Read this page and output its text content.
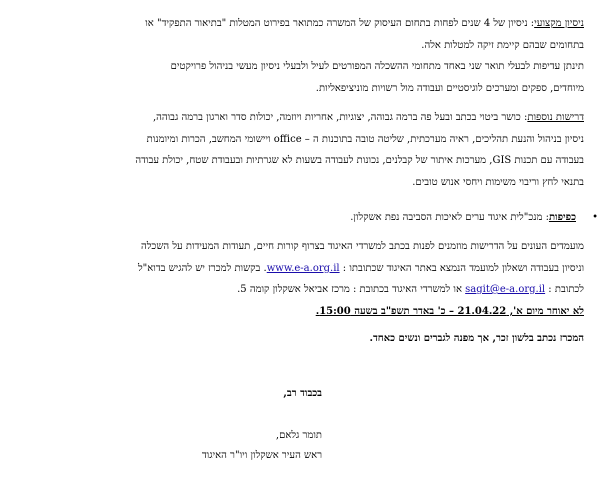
ניסיון מקצועי: ניסיון של 4 שנים לפחות בתחום העיסוק של המשרה כמתואר בפירוט המטלות "בתיאור התפקיד" או
בתחומים שבהם קיימת זיקה למטלות אלה.
תינתן עדיפות לבעלי תואר שני באחד מתחומי ההשכלה המפורטים לעיל ולבעלי ניסיון מעשי בניהול פרויקטים
מיוחדים, ספקים ומערכים לוגיסטיים ועבודה מול רשויות מוניציפאליות.
דרישות נוספות: כושר ביטוי בכתב ובעל פה ברמה גבוהה, יצוגיות, אחריות ויוזמה, יכולות סדר וארגון ברמה גבוהה,
ניסיון בניהול והנעת תהליכים, ראיה מערכתית, שליטה טובה בתוכנות ה – office ויישומי המחשב, הכרות ומיומנות
בעבודה עם תכנות GIS, מערכות איתור של קבלנים, נכונות לעבודה בשעות לא שגרתיות ובעבודת שטח, יכולת עבודה
בתנאי לחץ וריבוי משימות ויחסי אנוש טובים.
•
כפיפות: מנכ"לית איגוד ערים לאיכות הסביבה נפת אשקלון.
מועמדים העונים על הדרישות מוזמנים לפנות בכתב למשרדי האיגוד בצרוף קורות חיים, תעודות המעידות על השכלה
וניסיון בעבודה ושאלון למועמד הנמצא באתר האיגוד שכתובתו : www.e-a.org.il. בקשות למכרז יש להגיש בדוא"ל
לכתובת : sagit@e-a.org.il או למשרדי האיגוד בכתובת : מרכז אביאל אשקלון קומה 5.
לא יאוחר מיום א', 21.04.22 – כ' באדר תשפ"ב בשעה 15:00.
המכרז נכתב בלשון זכר, אך מפנה לגברים ונשים כאחד.
בכבוד רב,
תומר גלאם,
ראש העיר אשקלון ויו"ר האיגוד
